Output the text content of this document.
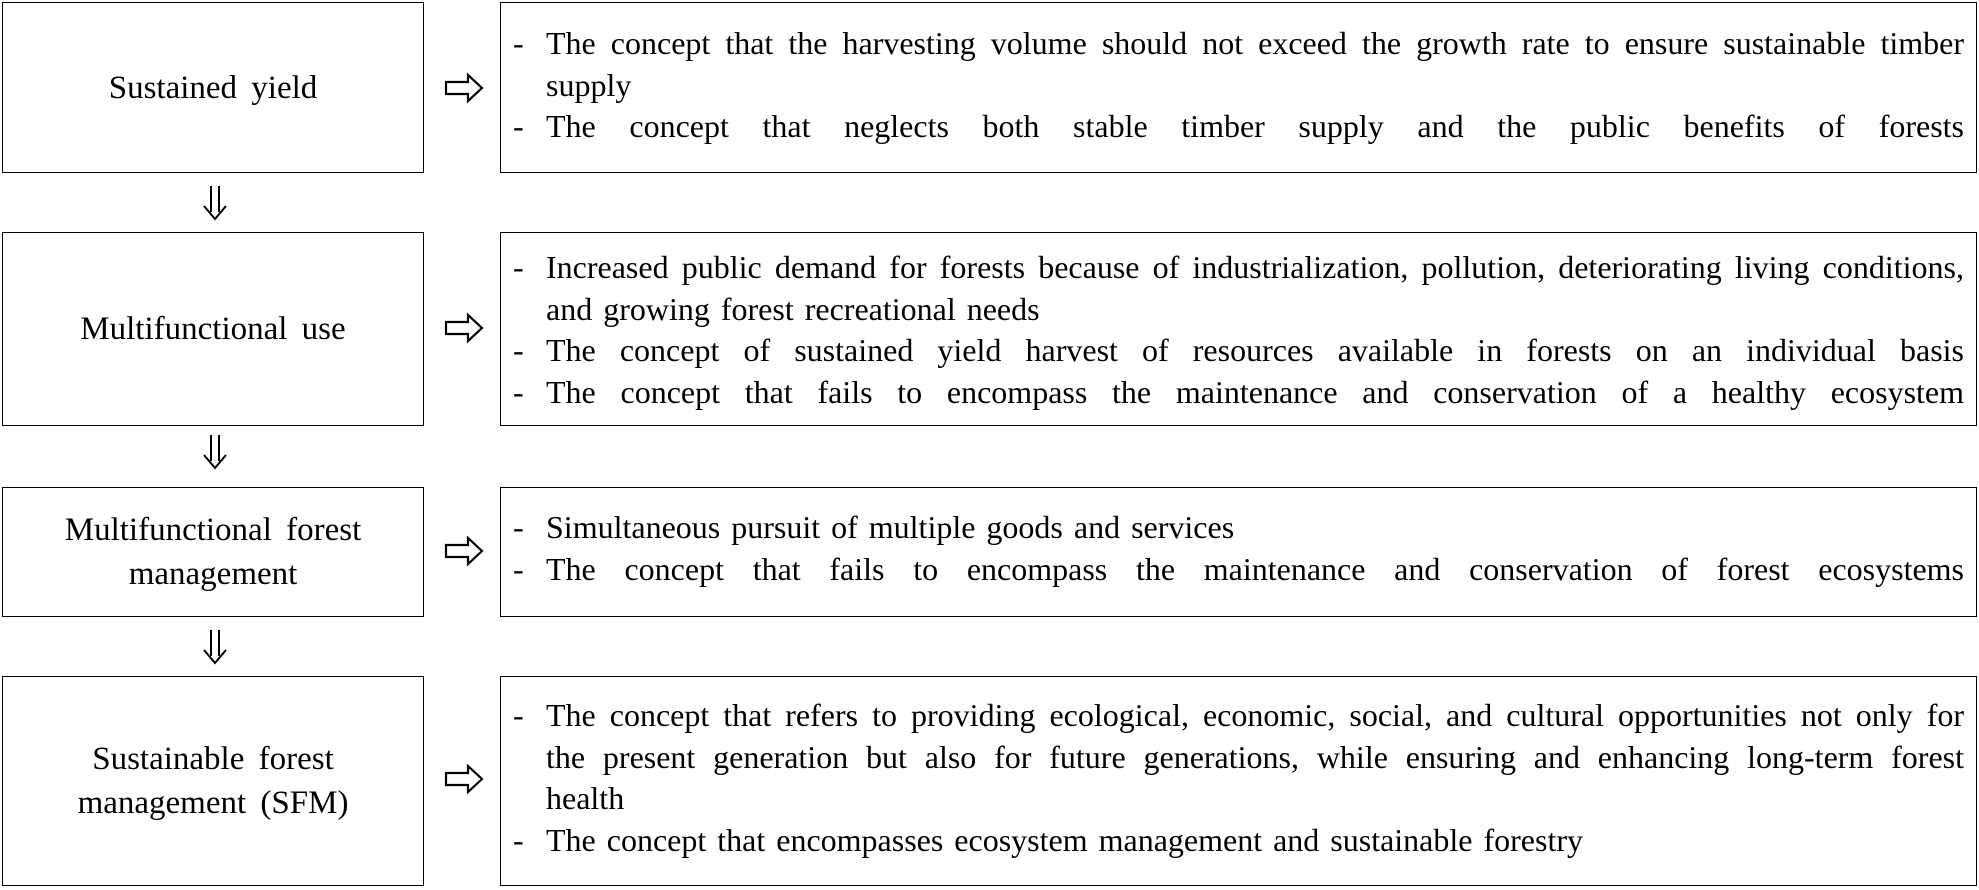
Sustained yield
- The concept that the harvesting volume should not exceed the growth rate to ensure sustainable timber supply
- The concept that neglects both stable timber supply and the public benefits of forests
Multifunctional use
- Increased public demand for forests because of industrialization, pollution, deteriorating living conditions, and growing forest recreational needs
- The concept of sustained yield harvest of resources available in forests on an individual basis
- The concept that fails to encompass the maintenance and conservation of a healthy ecosystem
Multifunctional forest
management
- Simultaneous pursuit of multiple goods and services
- The concept that fails to encompass the maintenance and conservation of forest ecosystems
Sustainable forest
management (SFM)
- The concept that refers to providing ecological, economic, social, and cultural opportunities not only for the present generation but also for future generations, while ensuring and enhancing long-term forest health
- The concept that encompasses ecosystem management and sustainable forestry
